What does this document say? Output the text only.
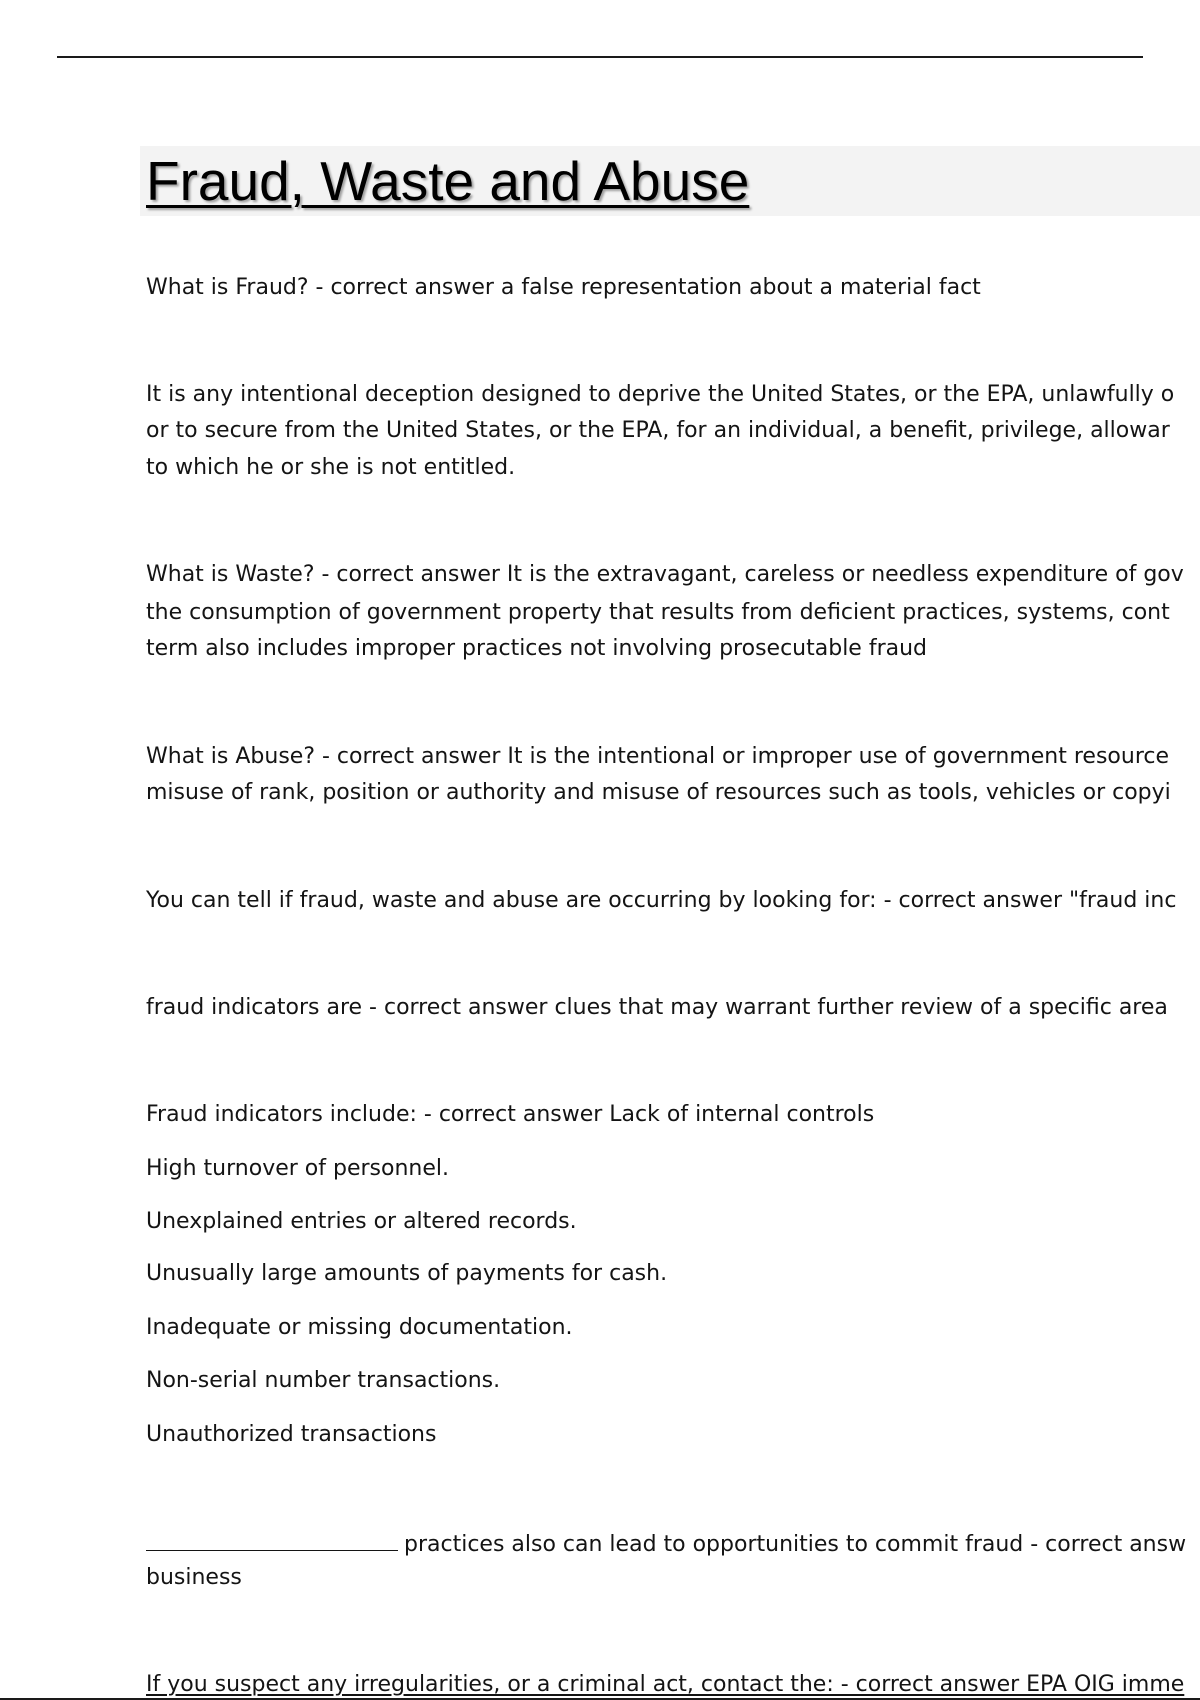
Fraud, Waste and Abuse

What is Fraud? - correct answer a false representation about a material fact

It is any intentional deception designed to deprive the United States, or the EPA, unlawfully o

or to secure from the United States, or the EPA, for an individual, a benefit, privilege, allowar

to which he or she is not entitled.

What is Waste? - correct answer It is the extravagant, careless or needless expenditure of gov

the consumption of government property that results from deficient practices, systems, cont

term also includes improper practices not involving prosecutable fraud

What is Abuse? - correct answer It is the intentional or improper use of government resource

misuse of rank, position or authority and misuse of resources such as tools, vehicles or copyi

You can tell if fraud, waste and abuse are occurring by looking for: - correct answer "fraud inc

fraud indicators are - correct answer clues that may warrant further review of a specific area

Fraud indicators include: - correct answer Lack of internal controls

High turnover of personnel.

Unexplained entries or altered records.

Unusually large amounts of payments for cash.

Inadequate or missing documentation.

Non-serial number transactions.

Unauthorized transactions

practices also can lead to opportunities to commit fraud - correct answ

business

If you suspect any irregularities, or a criminal act, contact the: - correct answer EPA OIG imme
